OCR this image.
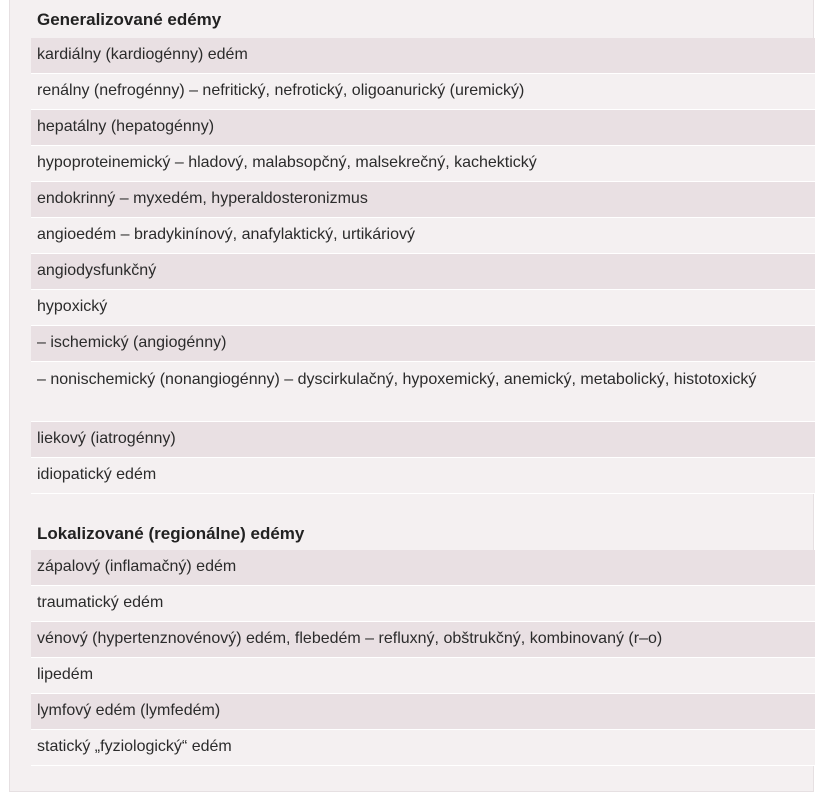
Generalizované edémy
kardiálny (kardiogénny) edém
renálny (nefrogénny) – nefritický, nefrotický, oligoanurický (uremický)
hepatálny (hepatogénny)
hypoproteinemický – hladový, malabsopčný, malsekrečný, kachektický
endokrinný – myxedém, hyperaldosteronizmus
angioedém – bradykinínový, anafylaktický, urtikáriový
angiodysfunkčný
hypoxický
– ischemický (angiogénny)
– nonischemický (nonangiogénny) – dyscirkulačný, hypoxemický, anemický, metabolický, histotoxický
liekový (iatrogénny)
idiopatický edém
Lokalizované (regionálne) edémy
zápalový (inflamačný) edém
traumatický edém
vénový (hypertenznovénový) edém, flebedém – refluxný, obštrukčný, kombinovaný (r–o)
lipedém
lymfový edém (lymfedém)
statický „fyziologický“ edém
